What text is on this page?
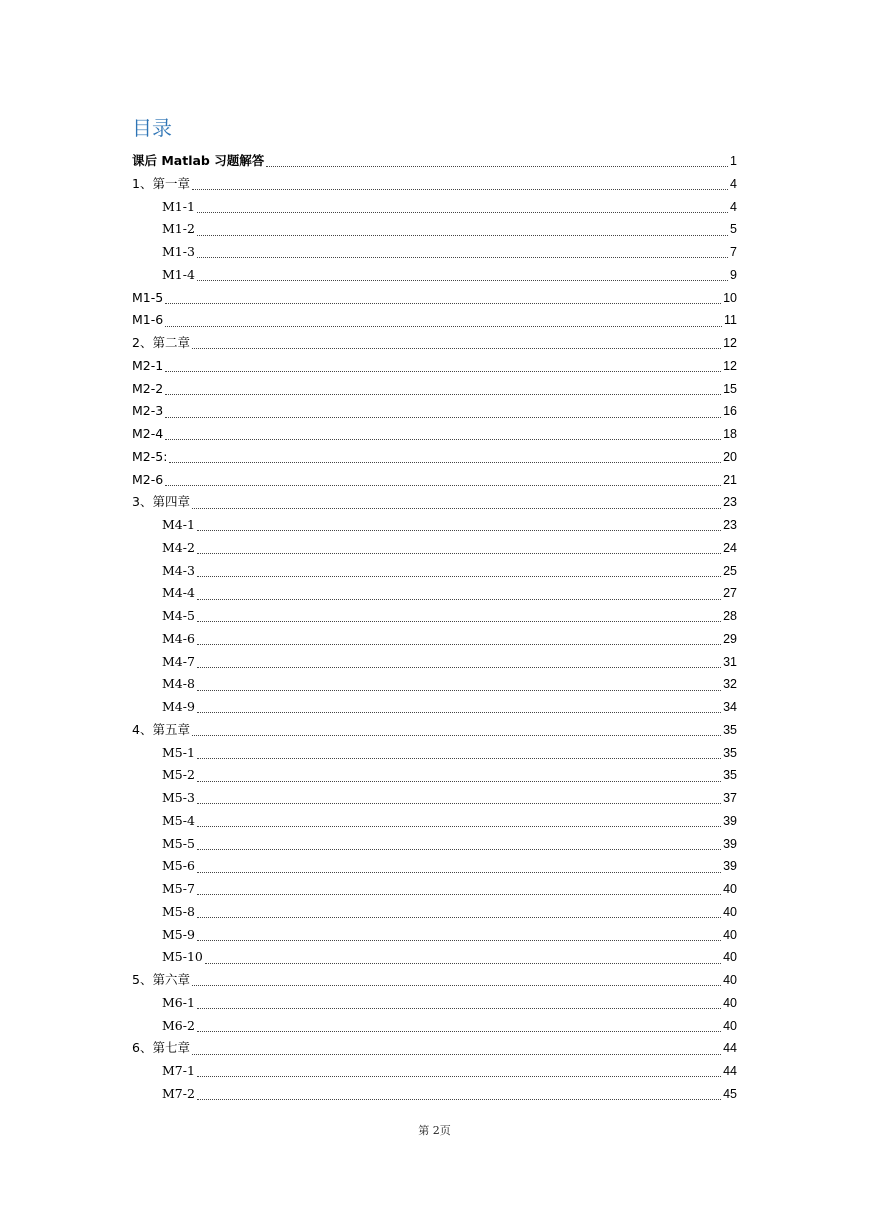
目录
课后 Matlab 习题解答	1
1、第一章	4
M1-1	4
M1-2	5
M1-3	7
M1-4	9
M1-5	10
M1-6	11
2、第二章	12
M2-1	12
M2-2	15
M2-3	16
M2-4	18
M2-5:	20
M2-6	21
3、第四章	23
M4-1	23
M4-2	24
M4-3	25
M4-4	27
M4-5	28
M4-6	29
M4-7	31
M4-8	32
M4-9	34
4、第五章	35
M5-1	35
M5-2	35
M5-3	37
M5-4	39
M5-5	39
M5-6	39
M5-7	40
M5-8	40
M5-9	40
M5-10	40
5、第六章	40
M6-1	40
M6-2	40
6、第七章	44
M7-1	44
M7-2	45
第 2页
